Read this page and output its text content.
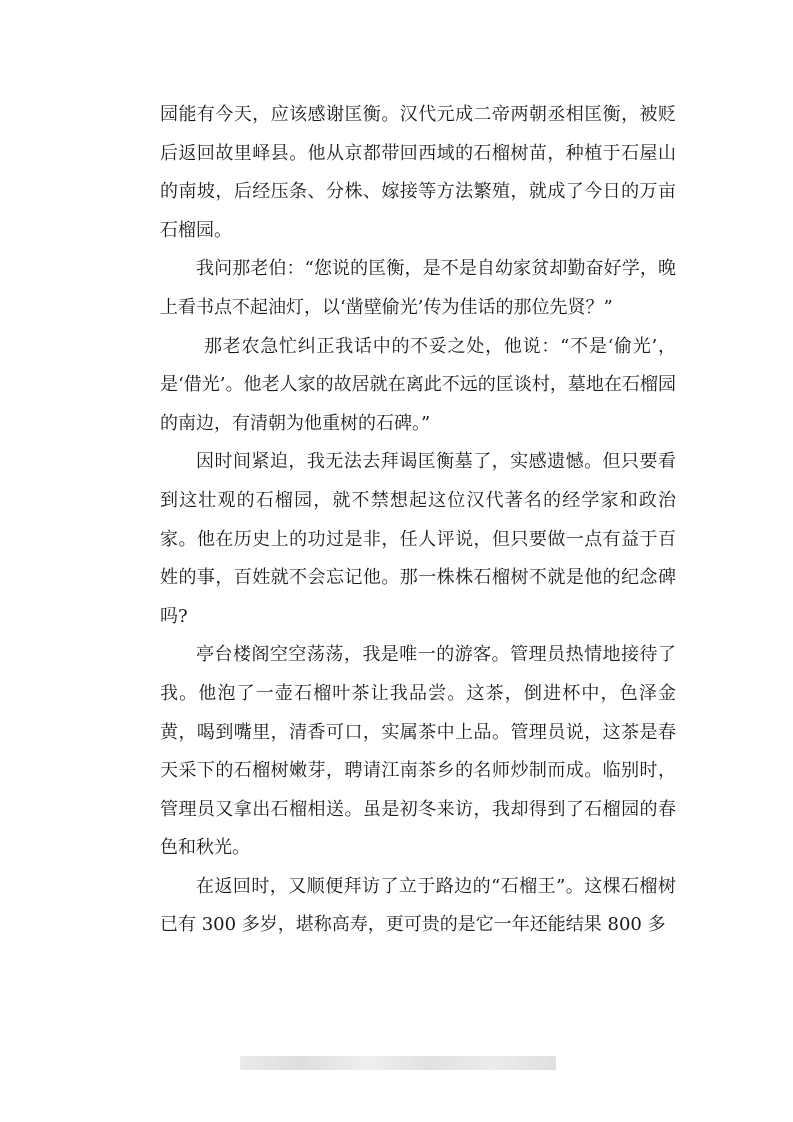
园能有今天，应该感谢匡衡。汉代元成二帝两朝丞相匡衡，被贬后返回故里峄县。他从京都带回西域的石榴树苗，种植于石屋山的南坡，后经压条、分株、嫁接等方法繁殖，就成了今日的万亩石榴园。

我问那老伯：“您说的匡衡，是不是自幼家贫却勤奋好学，晚上看书点不起油灯，以‘凿壁偷光’传为佳话的那位先贤？”

那老农急忙纠正我话中的不妥之处，他说：“不是‘偷光’，是‘借光’。他老人家的故居就在离此不远的匡谈村，墓地在石榴园的南边，有清朝为他重树的石碑。”

因时间紧迫，我无法去拜谒匡衡墓了，实感遗憾。但只要看到这壮观的石榴园，就不禁想起这位汉代著名的经学家和政治家。他在历史上的功过是非，任人评说，但只要做一点有益于百姓的事，百姓就不会忘记他。那一株株石榴树不就是他的纪念碑吗?

亭台楼阁空空荡荡，我是唯一的游客。管理员热情地接待了我。他泡了一壶石榴叶茶让我品尝。这茶，倒进杯中，色泽金黄，喝到嘴里，清香可口，实属茶中上品。管理员说，这茶是春天采下的石榴树嫩芽，聘请江南茶乡的名师炒制而成。临别时，管理员又拿出石榴相送。虽是初冬来访，我却得到了石榴园的春色和秋光。

在返回时，又顺便拜访了立于路边的“石榴王”。这棵石榴树已有 300 多岁，堪称高寿，更可贵的是它一年还能结果 800 多
